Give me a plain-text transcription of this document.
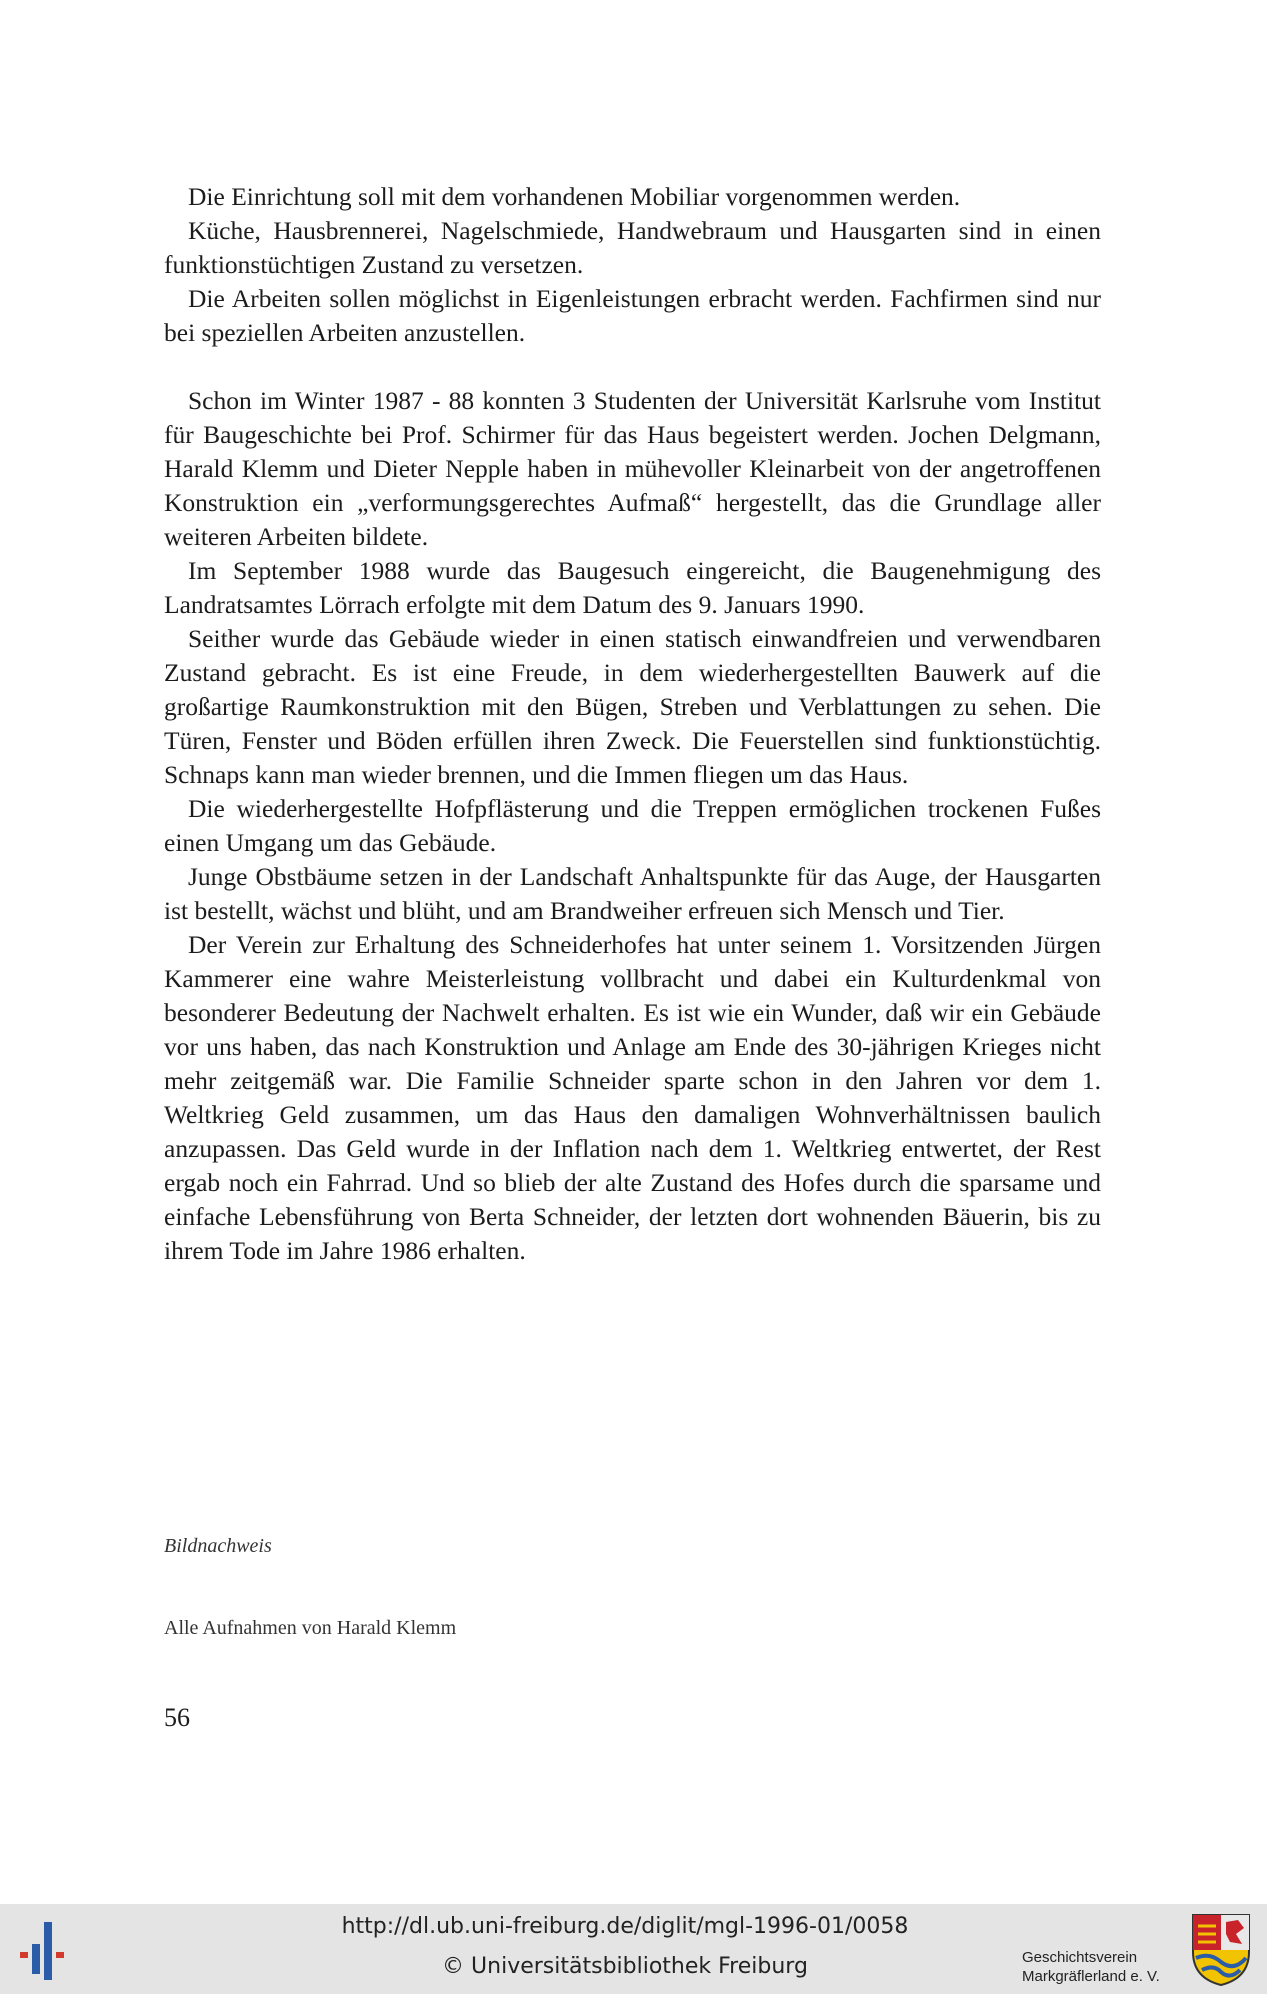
Die Einrichtung soll mit dem vorhandenen Mobiliar vorgenommen werden.

Küche, Hausbrennerei, Nagelschmiede, Handwebraum und Hausgarten sind in einen funktionstüchtigen Zustand zu versetzen.

Die Arbeiten sollen möglichst in Eigenleistungen erbracht werden. Fachfirmen sind nur bei speziellen Arbeiten anzustellen.

Schon im Winter 1987 - 88 konnten 3 Studenten der Universität Karlsruhe vom Institut für Baugeschichte bei Prof. Schirmer für das Haus begeistert werden. Jochen Delgmann, Harald Klemm und Dieter Nepple haben in mühevoller Kleinarbeit von der angetroffenen Konstruktion ein „verformungsgerechtes Aufmaß“ hergestellt, das die Grundlage aller weiteren Arbeiten bildete.

Im September 1988 wurde das Baugesuch eingereicht, die Baugenehmigung des Landratsamtes Lörrach erfolgte mit dem Datum des 9. Januars 1990.

Seither wurde das Gebäude wieder in einen statisch einwandfreien und verwendbaren Zustand gebracht. Es ist eine Freude, in dem wiederhergestellten Bauwerk auf die großartige Raumkonstruktion mit den Bügen, Streben und Verblattungen zu sehen. Die Türen, Fenster und Böden erfüllen ihren Zweck. Die Feuerstellen sind funktionstüchtig. Schnaps kann man wieder brennen, und die Immen fliegen um das Haus.

Die wiederhergestellte Hofpflästerung und die Treppen ermöglichen trockenen Fußes einen Umgang um das Gebäude.

Junge Obstbäume setzen in der Landschaft Anhaltspunkte für das Auge, der Hausgarten ist bestellt, wächst und blüht, und am Brandweiher erfreuen sich Mensch und Tier.

Der Verein zur Erhaltung des Schneiderhofes hat unter seinem 1. Vorsitzenden Jürgen Kammerer eine wahre Meisterleistung vollbracht und dabei ein Kulturdenkmal von besonderer Bedeutung der Nachwelt erhalten. Es ist wie ein Wunder, daß wir ein Gebäude vor uns haben, das nach Konstruktion und Anlage am Ende des 30-jährigen Krieges nicht mehr zeitgemäß war. Die Familie Schneider sparte schon in den Jahren vor dem 1. Weltkrieg Geld zusammen, um das Haus den damaligen Wohnverhältnissen baulich anzupassen. Das Geld wurde in der Inflation nach dem 1. Weltkrieg entwertet, der Rest ergab noch ein Fahrrad. Und so blieb der alte Zustand des Hofes durch die sparsame und einfache Lebensführung von Berta Schneider, der letzten dort wohnenden Bäuerin, bis zu ihrem Tode im Jahre 1986 erhalten.

Bildnachweis
Alle Aufnahmen von Harald Klemm
56
http://dl.ub.uni-freiburg.de/diglit/mgl-1996-01/0058
© Universitätsbibliothek Freiburg	Geschichtsverein
Markgräflerland e. V.
